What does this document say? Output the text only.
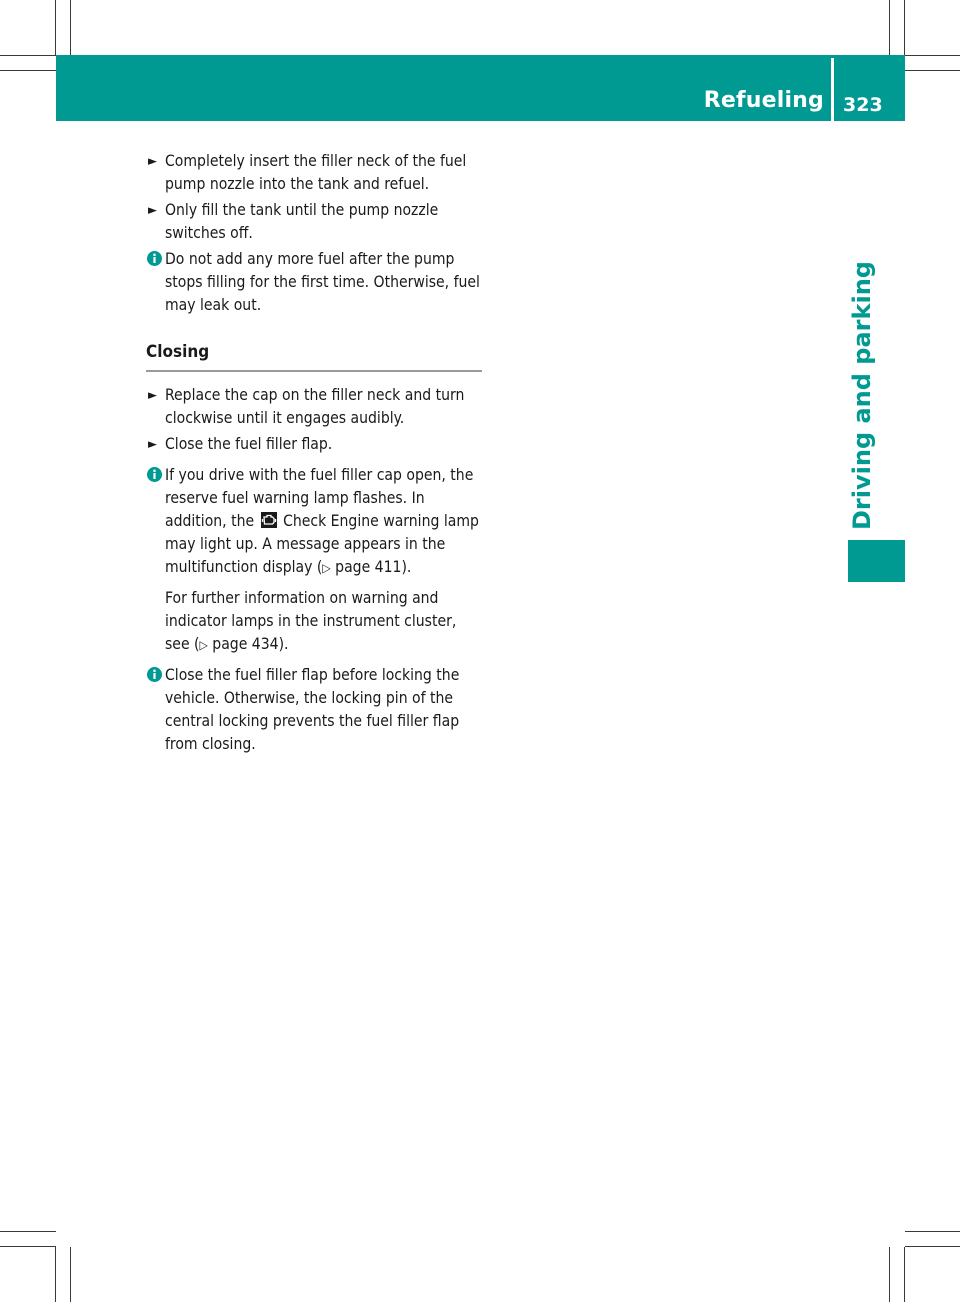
Refueling 323
Driving and parking
► Completely insert the filler neck of the fuel pump nozzle into the tank and refuel.
► Only fill the tank until the pump nozzle switches off.

Do not add any more fuel after the pump stops filling for the first time. Otherwise, fuel may leak out.

Closing
► Replace the cap on the filler neck and turn clockwise until it engages audibly.
► Close the fuel filler flap.

If you drive with the fuel filler cap open, the reserve fuel warning lamp flashes. In addition, the Check Engine warning lamp may light up. A message appears in the multifunction display (▷ page 411).

For further information on warning and indicator lamps in the instrument cluster, see (▷ page 434).

Close the fuel filler flap before locking the vehicle. Otherwise, the locking pin of the central locking prevents the fuel filler flap from closing.
